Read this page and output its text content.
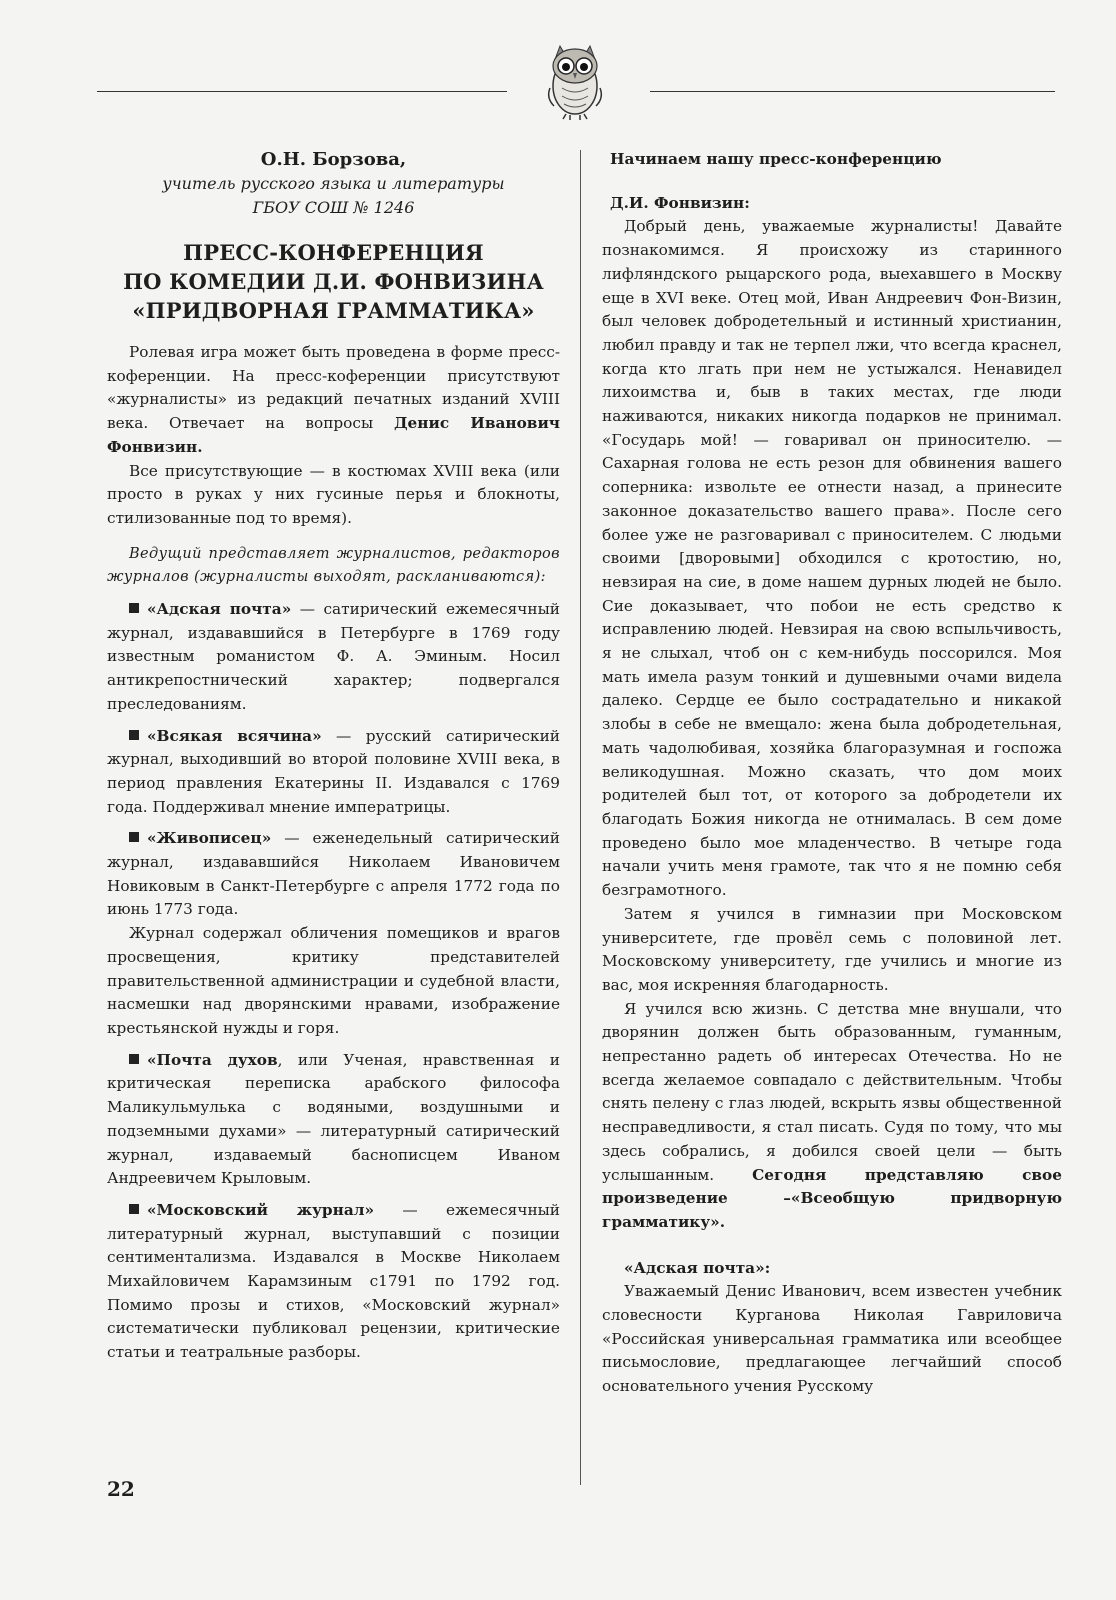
О.Н. Борзова,
учитель русского языка и литературы
ГБОУ СОШ № 1246
ПРЕСС-КОНФЕРЕНЦИЯ
ПО КОМЕДИИ Д.И. ФОНВИЗИНА
«ПРИДВОРНАЯ ГРАММАТИКА»

Ролевая игра может быть проведена в форме пресс-коференции. На пресс-коференции присутствуют «журналисты» из редакций печатных изданий XVIII века. Отвечает на вопросы Денис Иванович Фонвизин.

Все присутствующие — в костюмах XVIII века (или просто в руках у них гусиные перья и блокноты, стилизованные под то время).

Ведущий представляет журналистов, редакторов журналов (журналисты выходят, раскланиваются):

«Адская почта» — сатирический ежемесячный журнал, издававшийся в Петербурге в 1769 году известным романистом Ф. А. Эминым. Носил антикрепостнический характер; подвергался преследованиям.

«Всякая всячина» — русский сатирический журнал, выходивший во второй половине XVIII века, в период правления Екатерины II. Издавался с 1769 года. Поддерживал мнение императрицы.

«Живописец» — еженедельный сатирический журнал, издававшийся Николаем Ивановичем Новиковым в Санкт-Петербурге с апреля 1772 года по июнь 1773 года.

Журнал содержал обличения помещиков и врагов просвещения, критику представителей правительственной администрации и судебной власти, насмешки над дворянскими нравами, изображение крестьянской нужды и горя.

«Почта духов, или Ученая, нравственная и критическая переписка арабского философа Маликульмулька с водяными, воздушными и подземными духами» — литературный сатирический журнал, издаваемый баснописцем Иваном Андреевичем Крыловым.

«Московский журнал» — ежемесячный литературный журнал, выступавший с позиции сентиментализма. Издавался в Москве Николаем Михайловичем Карамзиным с1791 по 1792 год. Помимо прозы и стихов, «Московский журнал» систематически публиковал рецензии, критические статьи и театральные разборы.

Начинаем нашу пресс-конференцию
Д.И. Фонвизин:

Добрый день, уважаемые журналисты! Давайте познакомимся. Я происхожу из старинного лифляндского рыцарского рода, выехавшего в Москву еще в XVI веке. Отец мой, Иван Андреевич Фон-Визин, был человек добродетельный и истинный христианин, любил правду и так не терпел лжи, что всегда краснел, когда кто лгать при нем не устыжался. Ненавидел лихоимства и, быв в таких местах, где люди наживаются, никаких никогда подарков не принимал. «Государь мой! — говаривал он приносителю. — Сахарная голова не есть резон для обвинения вашего соперника: извольте ее отнести назад, а принесите законное доказательство вашего права». После сего более уже не разговаривал с приносителем. С людьми своими [дворовыми] обходился с кротостию, но, невзирая на сие, в доме нашем дурных людей не было. Сие доказывает, что побои не есть средство к исправлению людей. Невзирая на свою вспыльчивость, я не слыхал, чтоб он с кем-нибудь поссорился. Моя мать имела разум тонкий и душевными очами видела далеко. Сердце ее было сострадательно и никакой злобы в себе не вмещало: жена была добродетельная, мать чадолюбивая, хозяйка благоразумная и госпожа великодушная. Можно сказать, что дом моих родителей был тот, от которого за добродетели их благодать Божия никогда не отнималась. В сем доме проведено было мое младенчество. В четыре года начали учить меня грамоте, так что я не помню себя безграмотного.

Затем я учился в гимназии при Московском университете, где провёл семь с половиной лет. Московскому университету, где учились и многие из вас, моя искренняя благодарность.

Я учился всю жизнь. С детства мне внушали, что дворянин должен быть образованным, гуманным, непрестанно радеть об интересах Отечества. Но не всегда желаемое совпадало с действительным. Чтобы снять пелену с глаз людей, вскрыть язвы общественной несправедливости, я стал писать. Судя по тому, что мы здесь собрались, я добился своей цели — быть услышанным. Сегодня представляю свое произведение –«Всеобщую придворную грамматику».

«Адская почта»:

Уважаемый Денис Иванович, всем известен учебник словесности Курганова Николая Гавриловича «Российская универсальная грамматика или всеобщее письмословие, предлагающее легчайший способ основательного учения Русскому

22
